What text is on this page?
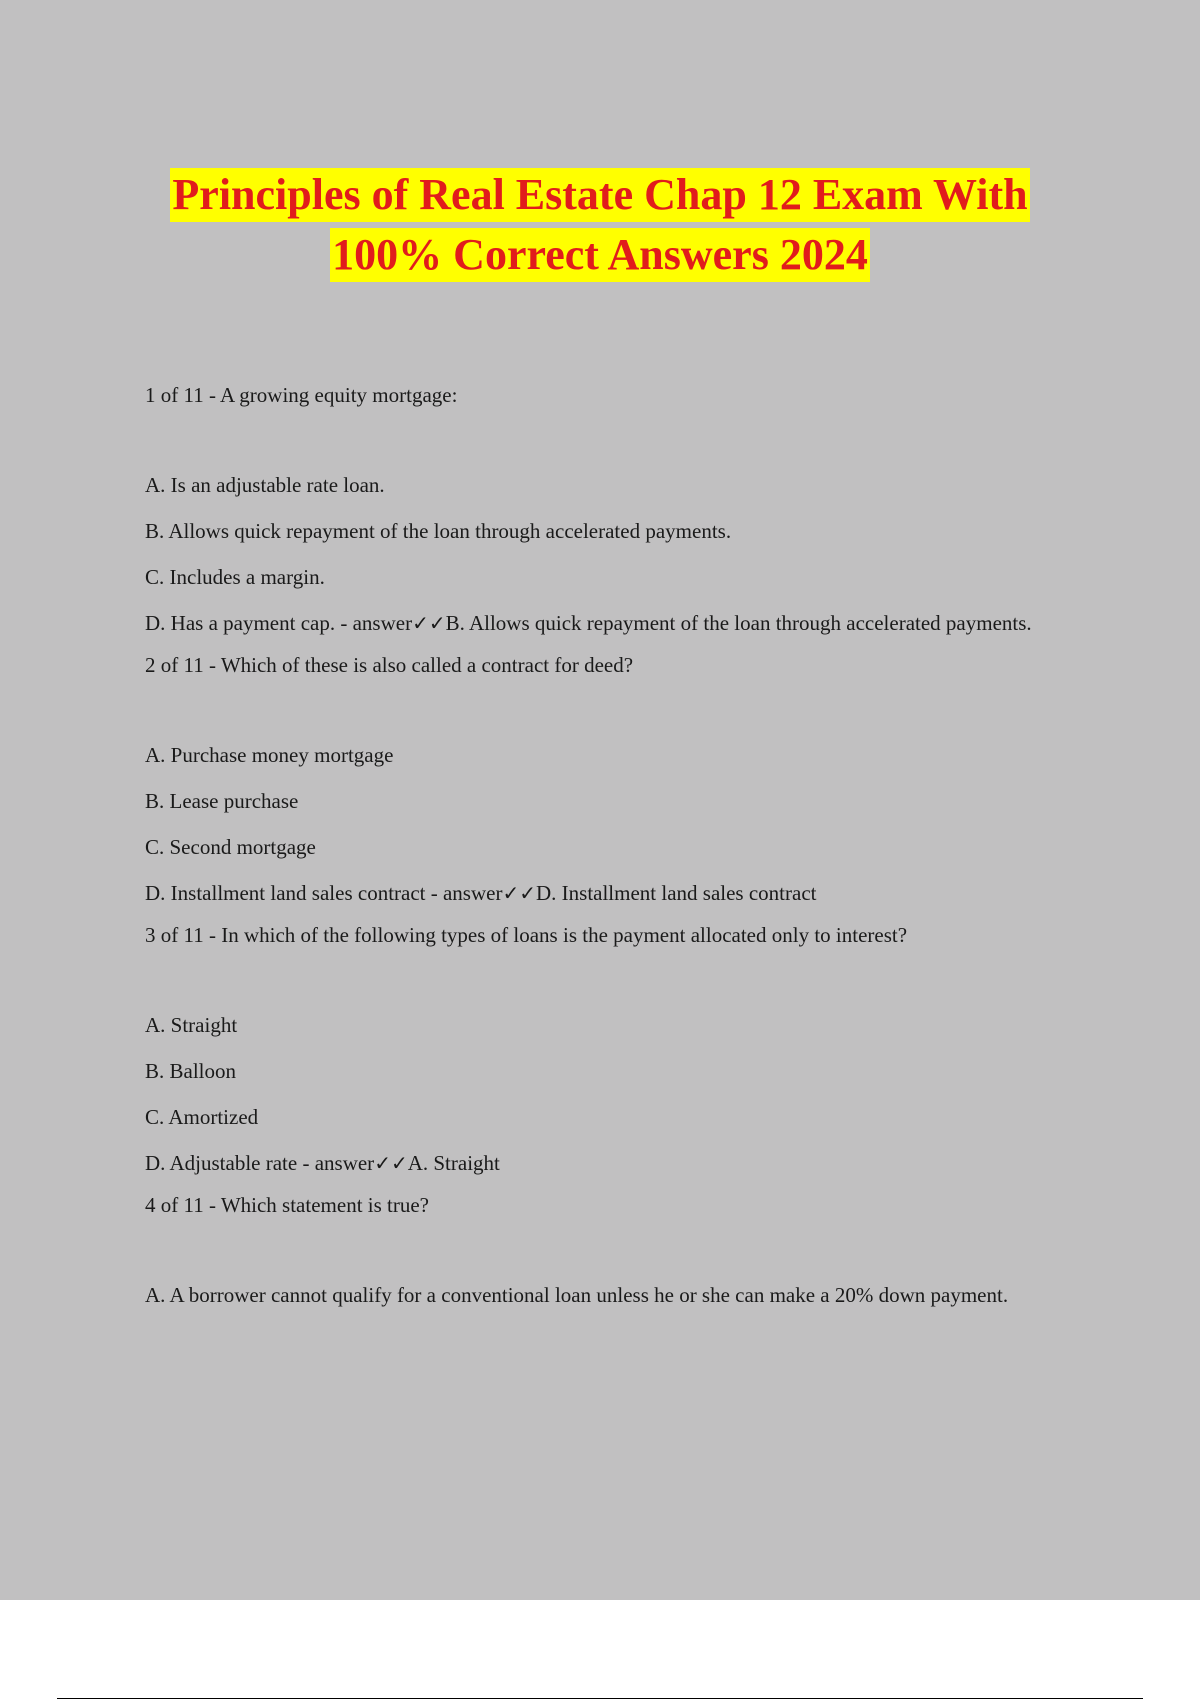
Principles of Real Estate Chap 12 Exam With
100% Correct Answers 2024

1 of 11 - A growing equity mortgage:

A. Is an adjustable rate loan.

B. Allows quick repayment of the loan through accelerated payments.

C. Includes a margin.

D. Has a payment cap. - answer✓✓B. Allows quick repayment of the loan through accelerated payments.

2 of 11 - Which of these is also called a contract for deed?

A. Purchase money mortgage

B. Lease purchase

C. Second mortgage

D. Installment land sales contract - answer✓✓D. Installment land sales contract

3 of 11 - In which of the following types of loans is the payment allocated only to interest?

A. Straight

B. Balloon

C. Amortized

D. Adjustable rate - answer✓✓A. Straight

4 of 11 - Which statement is true?

A. A borrower cannot qualify for a conventional loan unless he or she can make a 20% down payment.
